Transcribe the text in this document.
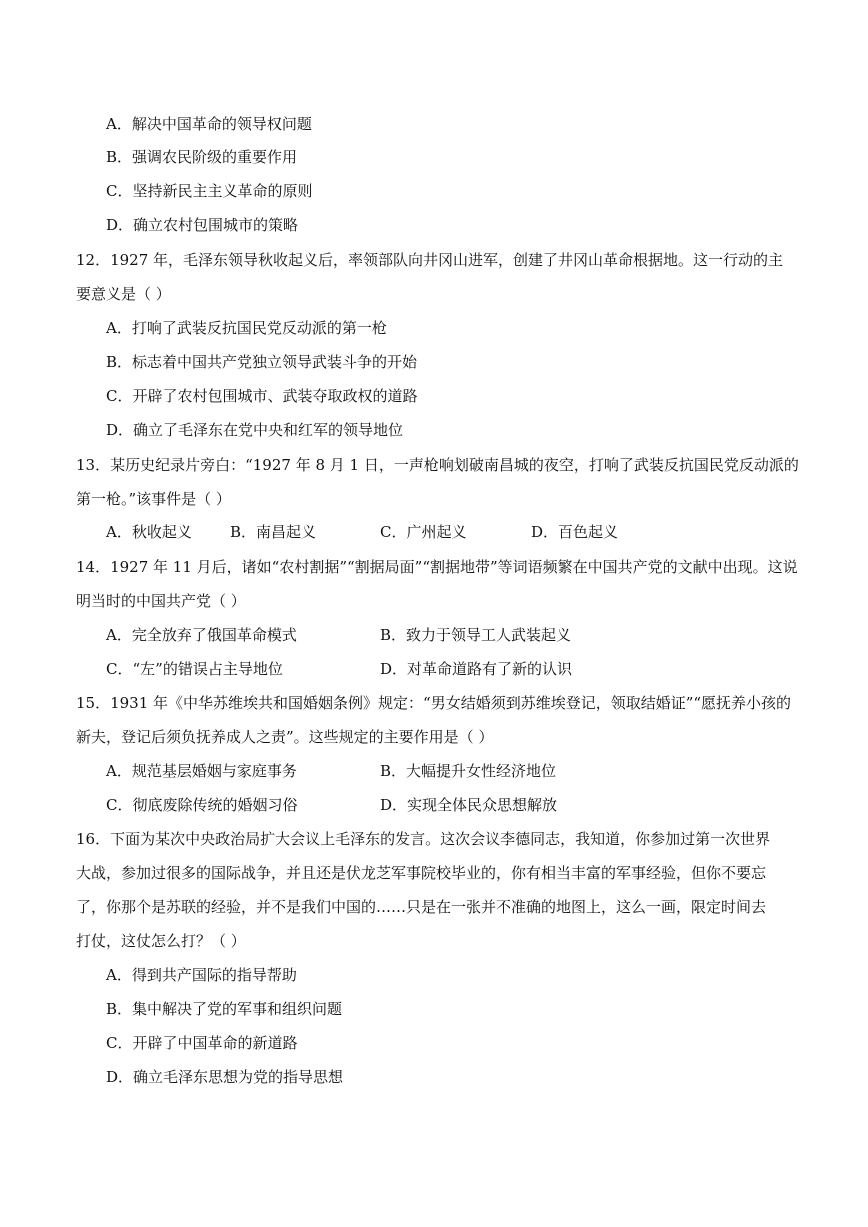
A．解决中国革命的领导权问题
B．强调农民阶级的重要作用
C．坚持新民主主义革命的原则
D．确立农村包围城市的策略
12．1927 年，毛泽东领导秋收起义后，率领部队向井冈山进军，创建了井冈山革命根据地。这一行动的主
要意义是（ ）
A．打响了武装反抗国民党反动派的第一枪
B．标志着中国共产党独立领导武装斗争的开始
C．开辟了农村包围城市、武装夺取政权的道路
D．确立了毛泽东在党中央和红军的领导地位
13．某历史纪录片旁白：“1927 年 8 月 1 日，一声枪响划破南昌城的夜空，打响了武装反抗国民党反动派的
第一枪。”该事件是（ ）
A．秋收起义	B．南昌起义	C．广州起义	D．百色起义
14．1927 年 11 月后，诸如“农村割据”“割据局面”“割据地带”等词语频繁在中国共产党的文献中出现。这说
明当时的中国共产党（ ）
A．完全放弃了俄国革命模式	B．致力于领导工人武装起义
C．“左”的错误占主导地位	D．对革命道路有了新的认识
15．1931 年《中华苏维埃共和国婚姻条例》规定：“男女结婚须到苏维埃登记，领取结婚证”“愿抚养小孩的
新夫，登记后须负抚养成人之责”。这些规定的主要作用是（ ）
A．规范基层婚姻与家庭事务	B．大幅提升女性经济地位
C．彻底废除传统的婚姻习俗	D．实现全体民众思想解放
16．下面为某次中央政治局扩大会议上毛泽东的发言。这次会议李德同志，我知道，你参加过第一次世界
大战，参加过很多的国际战争，并且还是伏龙芝军事院校毕业的，你有相当丰富的军事经验，但你不要忘
了，你那个是苏联的经验，并不是我们中国的……只是在一张并不准确的地图上，这么一画，限定时间去
打仗，这仗怎么打？（ ）
A．得到共产国际的指导帮助
B．集中解决了党的军事和组织问题
C．开辟了中国革命的新道路
D．确立毛泽东思想为党的指导思想
